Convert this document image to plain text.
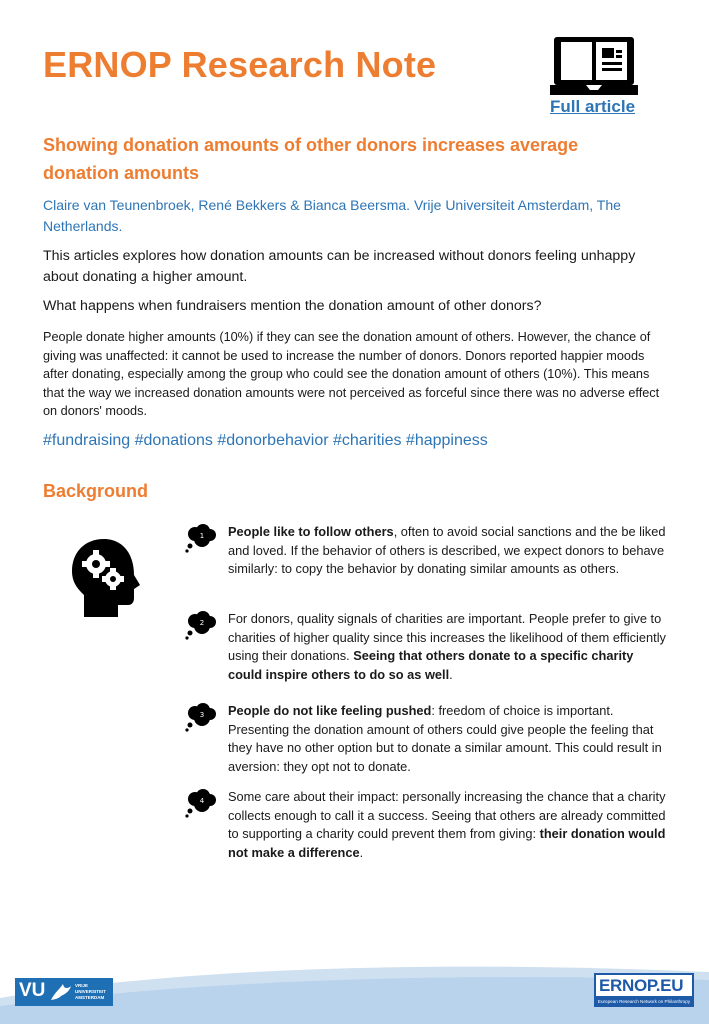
ERNOP Research Note
Full article
Showing donation amounts of other donors increases average donation amounts
Claire van Teunenbroek, René Bekkers & Bianca Beersma. Vrije Universiteit Amsterdam, The Netherlands.
This articles explores how donation amounts can be increased without donors feeling unhappy about donating a higher amount.
What happens when fundraisers mention the donation amount of other donors?
People donate higher amounts (10%) if they can see the donation amount of others. However, the chance of giving was unaffected: it cannot be used to increase the number of donors. Donors reported happier moods after donating, especially among the group who could see the donation amount of others (10%). This means that the way we increased donation amounts were not perceived as forceful since there was no adverse effect on donors' moods.
#fundraising #donations #donorbehavior #charities #happiness
Background
1 People like to follow others, often to avoid social sanctions and the be liked and loved. If the behavior of others is described, we expect donors to behave similarly: to copy the behavior by donating similar amounts as others.
2 For donors, quality signals of charities are important. People prefer to give to charities of higher quality since this increases the likelihood of them efficiently using their donations. Seeing that others donate to a specific charity could inspire others to do so as well.
3 People do not like feeling pushed: freedom of choice is important. Presenting the donation amount of others could give people the feeling that they have no other option but to donate a similar amount. This could result in aversion: they opt not to donate.
4 Some care about their impact: personally increasing the chance that a charity collects enough to call it a success. Seeing that others are already committed to supporting a charity could prevent them from giving: their donation would not make a difference.
VU	VRIJE UNIVERSITEIT AMSTERDAM
ERNOP.EU
European Research Network on Philanthropy
